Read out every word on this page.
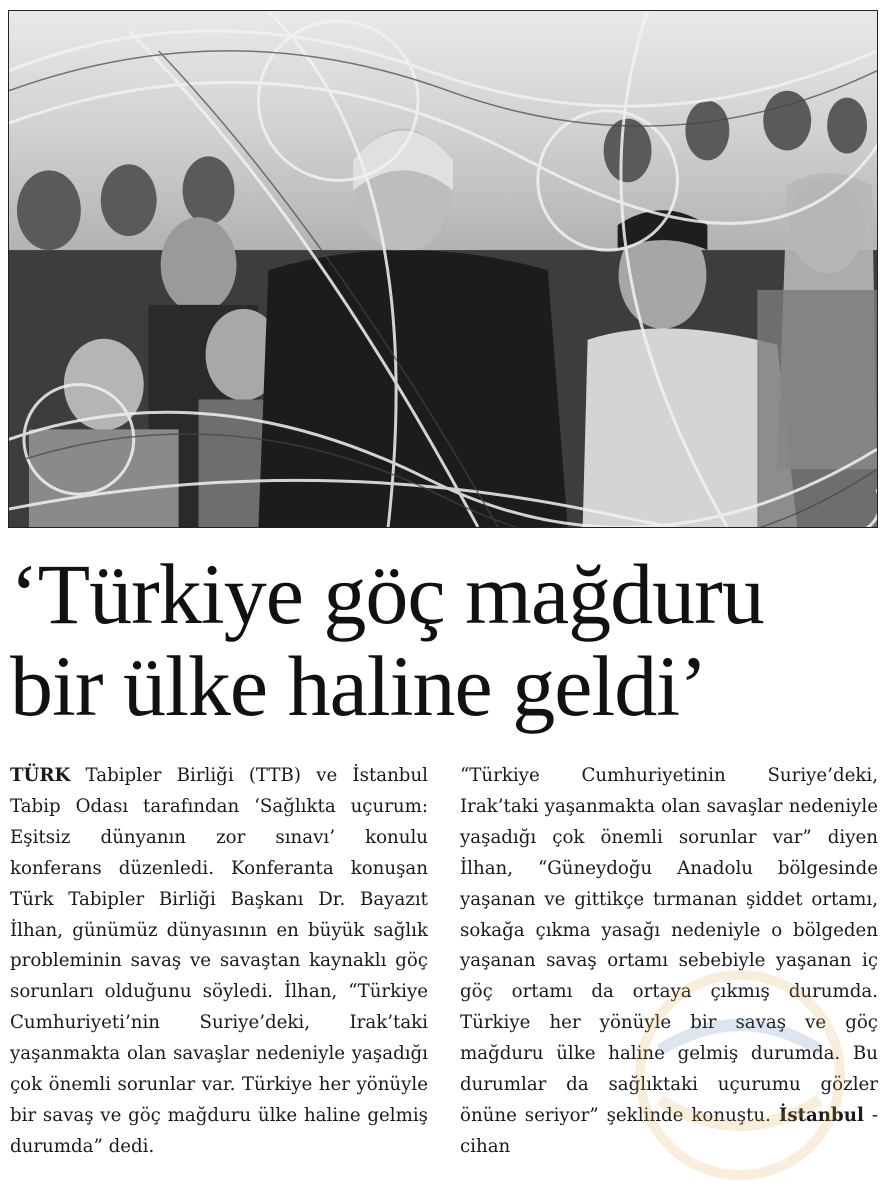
‘Türkiye göç mağduru
bir ülke haline geldi’

TÜRK Tabipler Birliği (TTB) ve İstanbul Tabip Odası tarafından ‘Sağlıkta uçurum: Eşitsiz dünyanın zor sınavı’ konulu konferans düzenledi. Konferanta konuşan Türk Tabipler Birliği Başkanı Dr. Bayazıt İlhan, günümüz dünyasının en büyük sağlık probleminin savaş ve savaştan kaynaklı göç sorunları olduğunu söyledi. İlhan, “Türkiye Cumhuriyeti’nin Suriye’deki, Irak’taki yaşanmakta olan savaşlar nedeniyle yaşadığı çok önemli sorunlar var. Türkiye her yönüyle bir savaş ve göç mağduru ülke haline gelmiş durumda” dedi.

“Türkiye Cumhuriyetinin Suriye’deki, Irak’taki yaşanmakta olan savaşlar nedeniyle yaşadığı çok önemli sorunlar var” diyen İlhan, “Güneydoğu Anadolu bölgesinde yaşanan ve gittikçe tırmanan şiddet ortamı, sokağa çıkma yasağı nedeniyle o bölgeden yaşanan savaş ortamı sebebiyle yaşanan iç göç ortamı da ortaya çıkmış durumda. Türkiye her yönüyle bir savaş ve göç mağduru ülke haline gelmiş durumda. Bu durumlar da sağlıktaki uçurumu gözler önüne seriyor” şeklinde konuştu. İstanbul - cihan
